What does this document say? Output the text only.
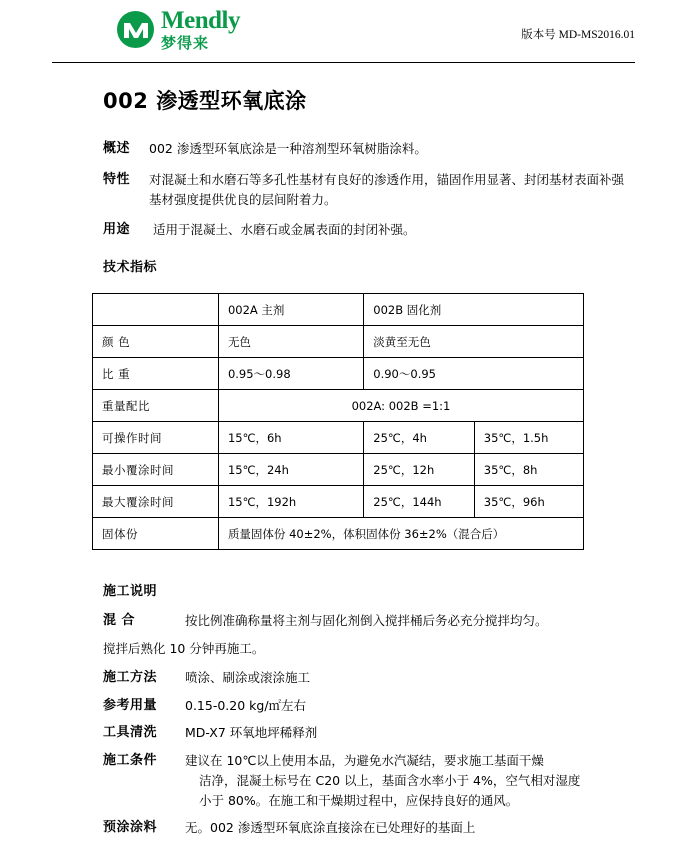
Mendly
梦得来	版本号 MD-MS2016.01
002 渗透型环氧底涂
概述	002 渗透型环氧底涂是一种溶剂型环氧树脂涂料。
特性	对混凝土和水磨石等多孔性基材有良好的渗透作用，锚固作用显著、封闭基材表面补强基材强度提供优良的层间附着力。
用途	适用于混凝土、水磨石或金属表面的封闭补强。
技术指标
	002A 主剂	002B 固化剂	
颜 色	无色	淡黄至无色	
比 重	0.95～0.98	0.90～0.95	
重量配比	002A: 002B =1:1		
可操作时间	15℃，6h	25℃，4h	35℃，1.5h
最小覆涂时间	15℃，24h	25℃，12h	35℃，8h
最大覆涂时间	15℃，192h	25℃，144h	35℃，96h
固体份	质量固体份 40±2%，体积固体份 36±2%（混合后）		
施工说明
混 合	按比例准确称量将主剂与固化剂倒入搅拌桶后务必充分搅拌均匀。
搅拌后熟化 10 分钟再施工。
施工方法	喷涂、刷涂或滚涂施工
参考用量	0.15-0.20 kg/㎡左右
工具清洗	MD-X7 环氧地坪稀释剂
施工条件	建议在 10℃以上使用本品，为避免水汽凝结，要求施工基面干燥
洁净，混凝土标号在 C20 以上，基面含水率小于 4%，空气相对湿度
小于 80%。在施工和干燥期过程中，应保持良好的通风。
预涂涂料	无。002 渗透型环氧底涂直接涂在已处理好的基面上
